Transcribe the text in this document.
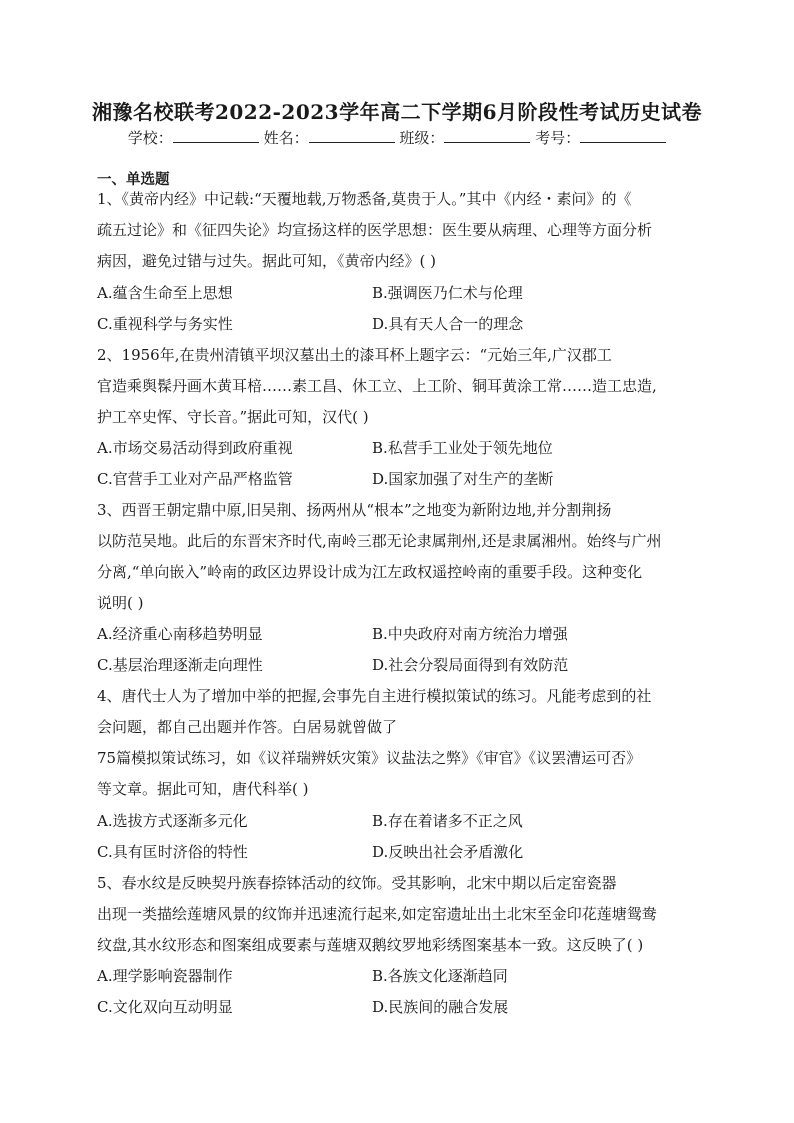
湘豫名校联考2022-2023学年高二下学期6月阶段性考试历史试卷
学校：	姓名：	班级：	考号：
一、单选题
1、《黄帝内经》中记载:“天覆地载,万物悉备,莫贵于人。”其中《内经・素问》的《
疏五过论》和《征四失论》均宣扬这样的医学思想：医生要从病理、心理等方面分析
病因，避免过错与过失。据此可知，《黄帝内经》( )
A.蕴含生命至上思想	B.强调医乃仁术与伦理
C.重视科学与务实性	D.具有天人合一的理念
2、1956年,在贵州清镇平坝汉墓出土的漆耳杯上题字云：“元始三年,广汉郡工
官造乘舆髹丹画木黄耳棓……素工昌、休工立、上工阶、铜耳黄涂工常……造工忠造,
护工卒史恽、守长音。”据此可知，汉代( )
A.市场交易活动得到政府重视	B.私营手工业处于领先地位
C.官营手工业对产品严格监管	D.国家加强了对生产的垄断
3、西晋王朝定鼎中原,旧吴荆、扬两州从“根本”之地变为新附边地,并分割荆扬
以防范吴地。此后的东晋宋齐时代,南岭三郡无论隶属荆州,还是隶属湘州。始终与广州
分离,“单向嵌入”岭南的政区边界设计成为江左政权遥控岭南的重要手段。这种变化
说明( )
A.经济重心南移趋势明显	B.中央政府对南方统治力增强
C.基层治理逐渐走向理性	D.社会分裂局面得到有效防范
4、唐代士人为了增加中举的把握,会事先自主进行模拟策试的练习。凡能考虑到的社
会问题，都自己出题并作答。白居易就曾做了
75篇模拟策试练习，如《议祥瑞辨妖灾策》议盐法之弊》《审官》《议罢漕运可否》
等文章。据此可知，唐代科举( )
A.选拔方式逐渐多元化	B.存在着诸多不正之风
C.具有匡时济俗的特性	D.反映出社会矛盾激化
5、春水纹是反映契丹族春捺钵活动的纹饰。受其影响，北宋中期以后定窑瓷器
出现一类描绘莲塘风景的纹饰并迅速流行起来,如定窑遗址出土北宋至金印花莲塘鸳鸯
纹盘,其水纹形态和图案组成要素与莲塘双鹅纹罗地彩绣图案基本一致。这反映了( )
A.理学影响瓷器制作	B.各族文化逐渐趋同
C.文化双向互动明显	D.民族间的融合发展
